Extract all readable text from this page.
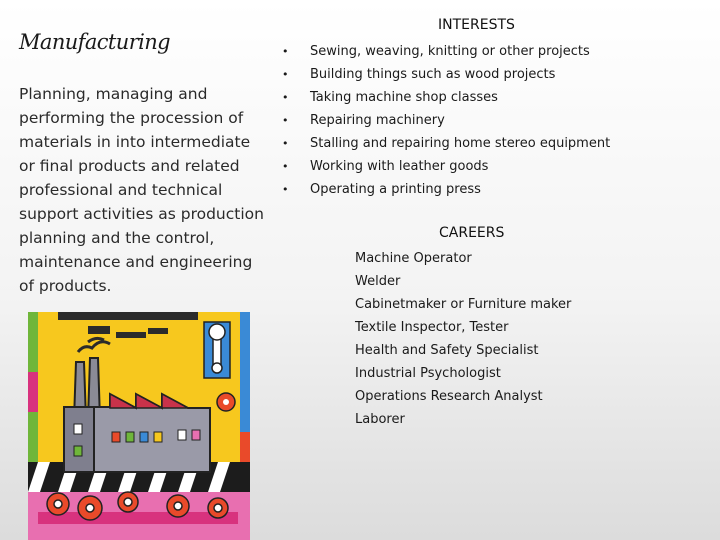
Manufacturing
Planning, managing and performing the procession of materials in into intermediate or final products and related professional and technical support activities as production planning and the control, maintenance and engineering of products.
INTERESTS
• Sewing, weaving, knitting or other projects
• Building things such as wood projects
• Taking machine shop classes
• Repairing machinery
• Stalling and repairing home stereo equipment
• Working with leather goods
• Operating a printing press
CAREERS
Machine Operator
Welder
Cabinetmaker or Furniture maker
Textile Inspector, Tester
Health and Safety Specialist
Industrial Psychologist
Operations Research Analyst
Laborer
